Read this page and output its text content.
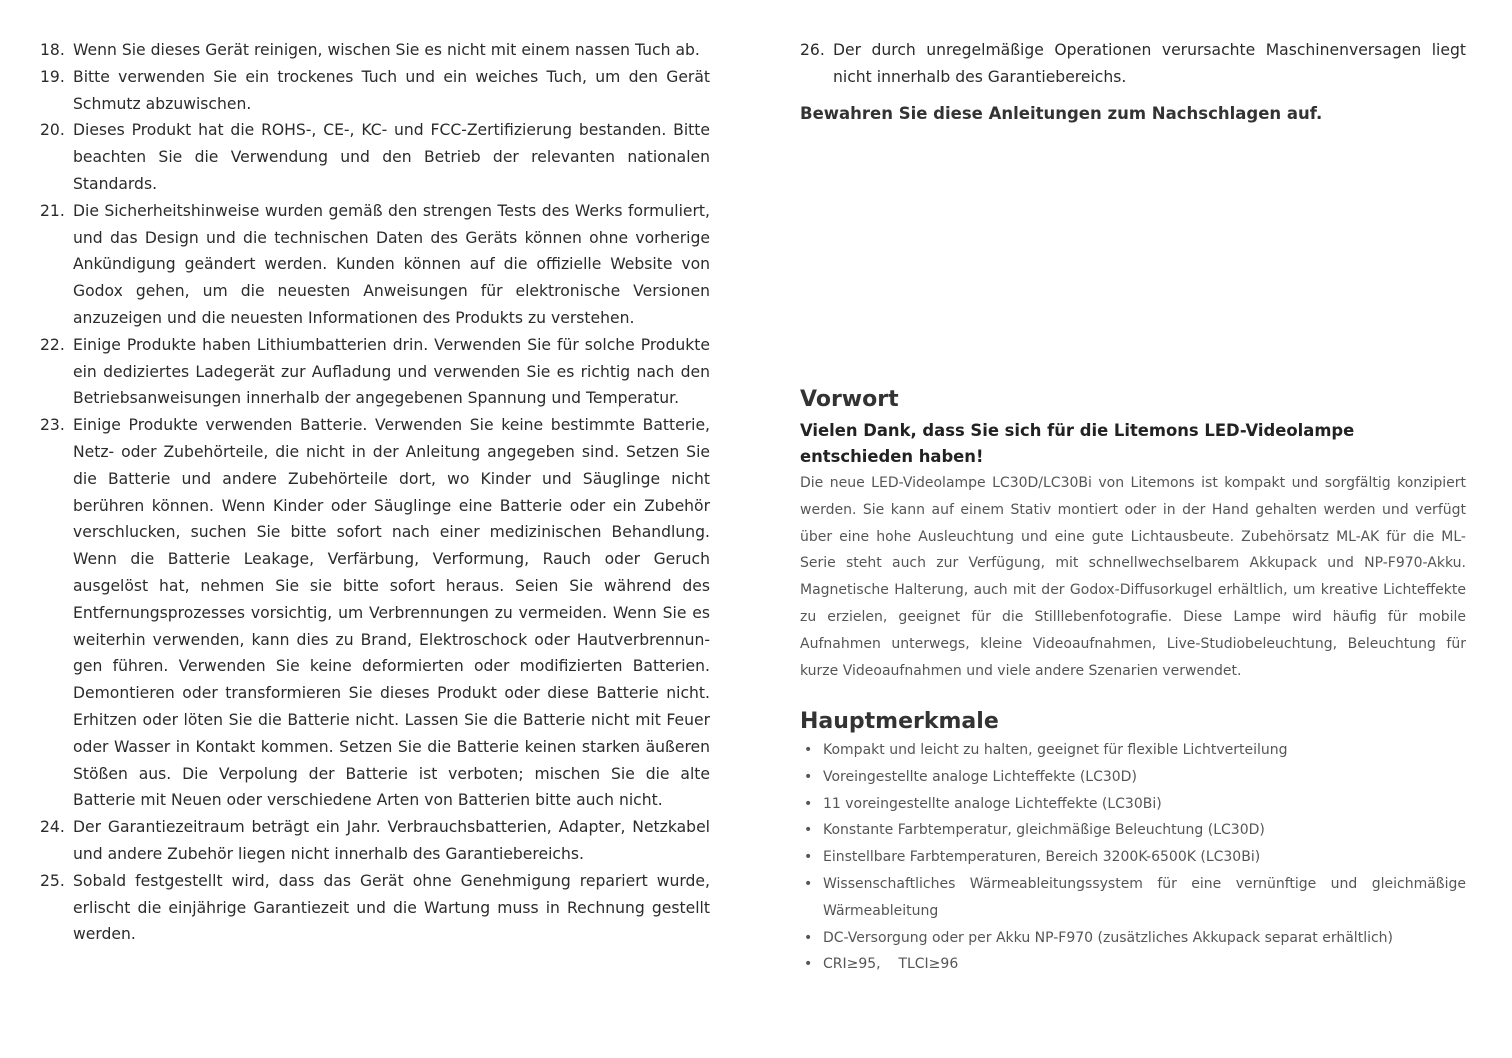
18. Wenn Sie dieses Gerät reinigen, wischen Sie es nicht mit einem nassen Tuch ab.
19. Bitte verwenden Sie ein trockenes Tuch und ein weiches Tuch, um den Gerät Schmutz abzuwischen.
20. Dieses Produkt hat die ROHS-, CE-, KC- und FCC-Zertifizierung bestanden. Bitte beachten Sie die Verwendung und den Betrieb der relevanten nationalen Standards.
21. Die Sicherheitshinweise wurden gemäß den strengen Tests des Werks formuliert, und das Design und die technischen Daten des Geräts können ohne vorherige Ankündigung geändert werden. Kunden können auf die offizielle Website von Godox gehen, um die neuesten Anweisungen für elektronische Versionen anzuzeigen und die neuesten Informationen des Produkts zu verstehen.
22. Einige Produkte haben Lithiumbatterien drin. Verwenden Sie für solche Produkte ein dediziertes Ladegerät zur Aufladung und verwenden Sie es richtig nach den Betriebsanweisungen innerhalb der angegebenen Spannung und Temperatur.
23. Einige Produkte verwenden Batterie. Verwenden Sie keine bestimmte Batterie, Netz- oder Zubehörteile, die nicht in der Anleitung angegeben sind. Setzen Sie die Batterie und andere Zubehörteile dort, wo Kinder und Säuglinge nicht berühren können. Wenn Kinder oder Säuglinge eine Batterie oder ein Zubehör verschlucken, suchen Sie bitte sofort nach einer medizinischen Behandlung. Wenn die Batterie Leakage, Verfärbung, Verformung, Rauch oder Geruch ausgelöst hat, nehmen Sie sie bitte sofort heraus. Seien Sie während des Entfernungsprozesses vorsichtig, um Verbrennungen zu vermeiden. Wenn Sie es weiterhin verwenden, kann dies zu Brand, Elektroschock oder Hautverbrennun-gen führen. Verwenden Sie keine deformierten oder modifizierten Batterien. Demontieren oder transformieren Sie dieses Produkt oder diese Batterie nicht. Erhitzen oder löten Sie die Batterie nicht. Lassen Sie die Batterie nicht mit Feuer oder Wasser in Kontakt kommen. Setzen Sie die Batterie keinen starken äußeren Stößen aus. Die Verpolung der Batterie ist verboten; mischen Sie die alte Batterie mit Neuen oder verschiedene Arten von Batterien bitte auch nicht.
24. Der Garantiezeitraum beträgt ein Jahr. Verbrauchsbatterien, Adapter, Netzkabel und andere Zubehör liegen nicht innerhalb des Garantiebereichs.
25. Sobald festgestellt wird, dass das Gerät ohne Genehmigung repariert wurde, erlischt die einjährige Garantiezeit und die Wartung muss in Rechnung gestellt werden.
26. Der durch unregelmäßige Operationen verursachte Maschinenversagen liegt nicht innerhalb des Garantiebereichs.

Bewahren Sie diese Anleitungen zum Nachschlagen auf.

Vorwort
Vielen Dank, dass Sie sich für die Litemons LED-Videolampe entschieden haben!

Die neue LED-Videolampe LC30D/LC30Bi von Litemons ist kompakt und sorgfältig konzipiert werden. Sie kann auf einem Stativ montiert oder in der Hand gehalten werden und verfügt über eine hohe Ausleuchtung und eine gute Lichtausbeute. Zubehörsatz ML-AK für die ML-Serie steht auch zur Verfügung, mit schnellwechselbarem Akkupack und NP-F970-Akku. Magnetische Halterung, auch mit der Godox-Diffusorkugel erhältlich, um kreative Lichteffekte zu erzielen, geeignet für die Stilllebenfotografie. Diese Lampe wird häufig für mobile Aufnahmen unterwegs, kleine Videoaufnahmen, Live-Studiobeleuchtung, Beleuchtung für kurze Videoaufnahmen und viele andere Szenarien verwendet.

Hauptmerkmale
• Kompakt und leicht zu halten, geeignet für flexible Lichtverteilung
• Voreingestellte analoge Lichteffekte (LC30D)
• 11 voreingestellte analoge Lichteffekte (LC30Bi)
• Konstante Farbtemperatur, gleichmäßige Beleuchtung (LC30D)
• Einstellbare Farbtemperaturen, Bereich 3200K-6500K (LC30Bi)
• Wissenschaftliches Wärmeableitungssystem für eine vernünftige und gleichmäßige Wärmeableitung
• DC-Versorgung oder per Akku NP-F970 (zusätzliches Akkupack separat erhältlich)
• CRI≥95,    TLCI≥96
